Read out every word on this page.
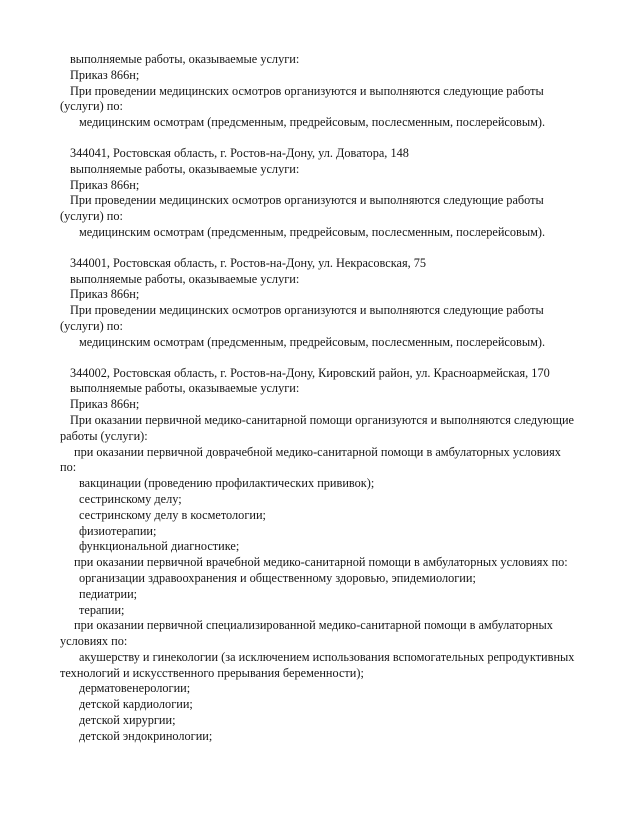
выполняемые работы, оказываемые услуги:
Приказ 866н;
При проведении медицинских осмотров организуются и выполняются следующие работы
(услуги) по:
медицинским осмотрам (предсменным, предрейсовым, послесменным, послерейсовым).
344041, Ростовская область, г. Ростов-на-Дону, ул. Доватора, 148
выполняемые работы, оказываемые услуги:
Приказ 866н;
При проведении медицинских осмотров организуются и выполняются следующие работы
(услуги) по:
медицинским осмотрам (предсменным, предрейсовым, послесменным, послерейсовым).
344001, Ростовская область, г. Ростов-на-Дону, ул. Некрасовская, 75
выполняемые работы, оказываемые услуги:
Приказ 866н;
При проведении медицинских осмотров организуются и выполняются следующие работы
(услуги) по:
медицинским осмотрам (предсменным, предрейсовым, послесменным, послерейсовым).
344002, Ростовская область, г. Ростов-на-Дону, Кировский район, ул. Красноармейская, 170
выполняемые работы, оказываемые услуги:
Приказ 866н;
При оказании первичной медико-санитарной помощи организуются и выполняются следующие
работы (услуги):
при оказании первичной доврачебной медико-санитарной помощи в амбулаторных условиях
по:
вакцинации (проведению профилактических прививок);
сестринскому делу;
сестринскому делу в косметологии;
физиотерапии;
функциональной диагностике;
при оказании первичной врачебной медико-санитарной помощи в амбулаторных условиях по:
организации здравоохранения и общественному здоровью, эпидемиологии;
педиатрии;
терапии;
при оказании первичной специализированной медико-санитарной помощи в амбулаторных
условиях по:
акушерству и гинекологии (за исключением использования вспомогательных репродуктивных
технологий и искусственного прерывания беременности);
дерматовенерологии;
детской кардиологии;
детской хирургии;
детской эндокринологии;
